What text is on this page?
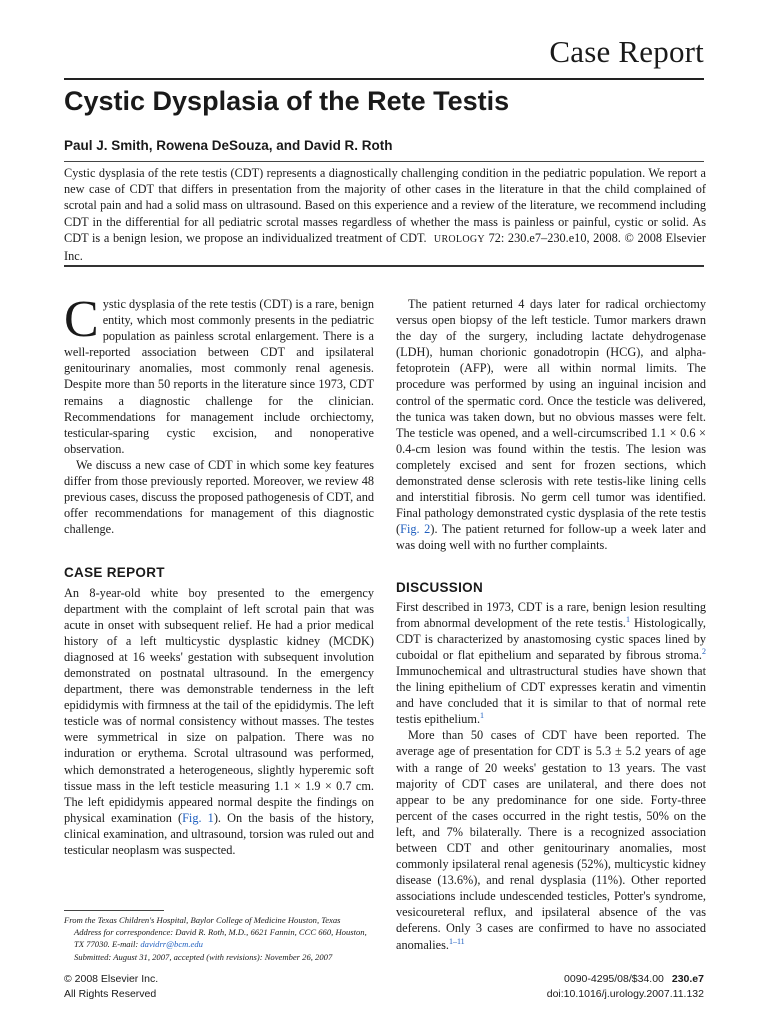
Case Report
Cystic Dysplasia of the Rete Testis
Paul J. Smith, Rowena DeSouza, and David R. Roth
Cystic dysplasia of the rete testis (CDT) represents a diagnostically challenging condition in the pediatric population. We report a new case of CDT that differs in presentation from the majority of other cases in the literature in that the child complained of scrotal pain and had a solid mass on ultrasound. Based on this experience and a review of the literature, we recommend including CDT in the differential for all pediatric scrotal masses regardless of whether the mass is painless or painful, cystic or solid. As CDT is a benign lesion, we propose an individualized treatment of CDT. UROLOGY 72: 230.e7–230.e10, 2008. © 2008 Elsevier Inc.

Cystic dysplasia of the rete testis (CDT) is a rare, benign entity, which most commonly presents in the pediatric population as painless scrotal enlargement. There is a well-reported association between CDT and ipsilateral genitourinary anomalies, most commonly renal agenesis. Despite more than 50 reports in the literature since 1973, CDT remains a diagnostic challenge for the clinician. Recommendations for management include orchiectomy, testicular-sparing cystic excision, and nonoperative observation.

We discuss a new case of CDT in which some key features differ from those previously reported. Moreover, we review 48 previous cases, discuss the proposed pathogenesis of CDT, and offer recommendations for management of this diagnostic challenge.

CASE REPORT

An 8-year-old white boy presented to the emergency department with the complaint of left scrotal pain that was acute in onset with subsequent relief. He had a prior medical history of a left multicystic dysplastic kidney (MCDK) diagnosed at 16 weeks' gestation with subsequent involution demonstrated on postnatal ultrasound. In the emergency department, there was demonstrable tenderness in the left epididymis with firmness at the tail of the epididymis. The left testicle was of normal consistency without masses. The testes were symmetrical in size on palpation. There was no induration or erythema. Scrotal ultrasound was performed, which demonstrated a heterogeneous, slightly hyperemic soft tissue mass in the left testicle measuring 1.1 × 1.9 × 0.7 cm. The left epididymis appeared normal despite the findings on physical examination (Fig. 1). On the basis of the history, clinical examination, and ultrasound, torsion was ruled out and testicular neoplasm was suspected.

The patient returned 4 days later for radical orchiectomy versus open biopsy of the left testicle. Tumor markers drawn the day of the surgery, including lactate dehydrogenase (LDH), human chorionic gonadotropin (HCG), and alpha-fetoprotein (AFP), were all within normal limits. The procedure was performed by using an inguinal incision and control of the spermatic cord. Once the testicle was delivered, the tunica was taken down, but no obvious masses were felt. The testicle was opened, and a well-circumscribed 1.1 × 0.6 × 0.4-cm lesion was found within the testis. The lesion was completely excised and sent for frozen sections, which demonstrated dense sclerosis with rete testis-like lining cells and interstitial fibrosis. No germ cell tumor was identified. Final pathology demonstrated cystic dysplasia of the rete testis (Fig. 2). The patient returned for follow-up a week later and was doing well with no further complaints.

DISCUSSION

First described in 1973, CDT is a rare, benign lesion resulting from abnormal development of the rete testis.$^1$ Histologically, CDT is characterized by anastomosing cystic spaces lined by cuboidal or flat epithelium and separated by fibrous stroma.$^2$ Immunochemical and ultrastructural studies have shown that the lining epithelium of CDT expresses keratin and vimentin and have concluded that it is similar to that of normal rete testis epithelium.$^1$

More than 50 cases of CDT have been reported. The average age of presentation for CDT is 5.3 ± 5.2 years of age with a range of 20 weeks' gestation to 13 years. The vast majority of CDT cases are unilateral, and there does not appear to be any predominance for one side. Forty-three percent of the cases occurred in the right testis, 50% on the left, and 7% bilaterally. There is a recognized association between CDT and other genitourinary anomalies, most commonly ipsilateral renal agenesis (52%), multicystic kidney disease (13.6%), and renal dysplasia (11%). Other reported associations include undescended testicles, Potter's syndrome, vesicoureteral reflux, and ipsilateral absence of the vas deferens. Only 3 cases are confirmed to have no associated anomalies.$^{1-11}$

From the Texas Children's Hospital, Baylor College of Medicine Houston, Texas
Address for correspondence: David R. Roth, M.D., 6621 Fannin, CCC 660, Houston, TX 77030. E-mail: davidrr@bcm.edu
Submitted: August 31, 2007, accepted (with revisions): November 26, 2007
© 2008 Elsevier Inc.
All Rights Reserved
0090-4295/08/$34.00 230.e7
doi:10.1016/j.urology.2007.11.132
